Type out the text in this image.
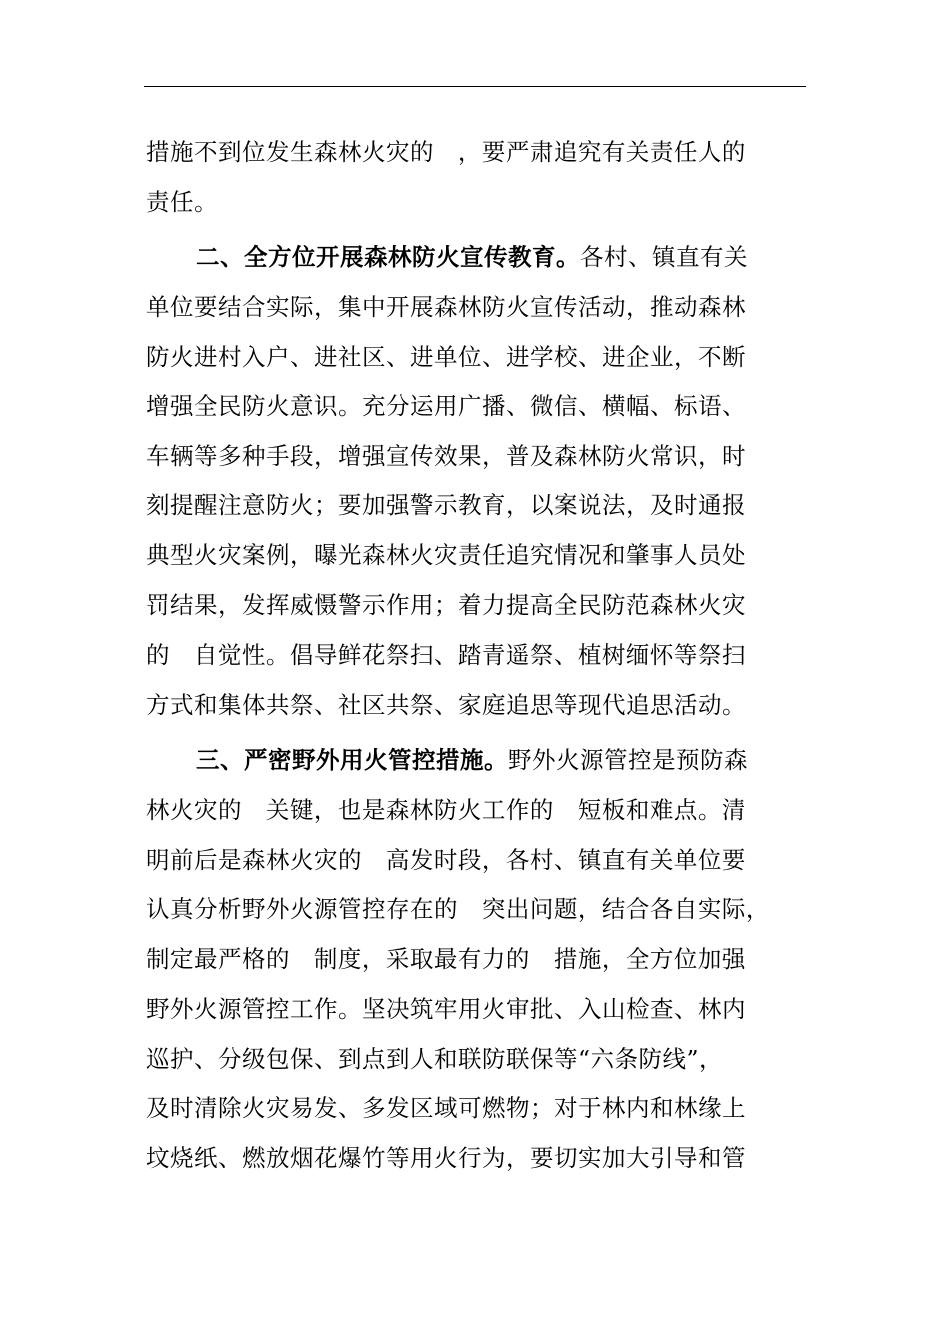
措施不到位发生森林火灾的   ，要严肃追究有关责任人的
责任。
二、全方位开展森林防火宣传教育。各村、镇直有关
单位要结合实际，集中开展森林防火宣传活动，推动森林
防火进村入户、进社区、进单位、进学校、进企业，不断
增强全民防火意识。充分运用广播、微信、横幅、标语、
车辆等多种手段，增强宣传效果，普及森林防火常识，时
刻提醒注意防火；要加强警示教育，以案说法，及时通报
典型火灾案例，曝光森林火灾责任追究情况和肇事人员处
罚结果，发挥威慑警示作用；着力提高全民防范森林火灾
的   自觉性。倡导鲜花祭扫、踏青遥祭、植树缅怀等祭扫
方式和集体共祭、社区共祭、家庭追思等现代追思活动。
三、严密野外用火管控措施。野外火源管控是预防森
林火灾的   关键，也是森林防火工作的   短板和难点。清
明前后是森林火灾的   高发时段，各村、镇直有关单位要
认真分析野外火源管控存在的   突出问题，结合各自实际，
制定最严格的   制度，采取最有力的   措施，全方位加强
野外火源管控工作。坚决筑牢用火审批、入山检查、林内
巡护、分级包保、到点到人和联防联保等“六条防线”，
及时清除火灾易发、多发区域可燃物；对于林内和林缘上
坟烧纸、燃放烟花爆竹等用火行为，要切实加大引导和管
